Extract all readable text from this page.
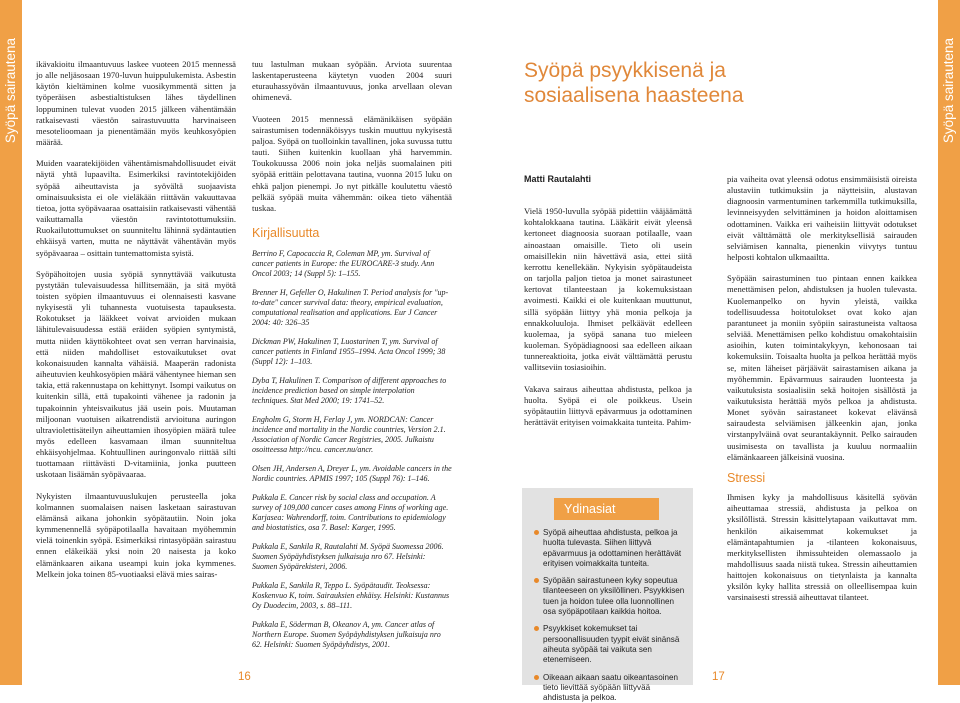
Syöpä sairautena	Syöpä sairautena

ikävakioitu ilmaantuvuus laskee vuoteen 2015 mennessä jo alle neljäsosaan 1970-luvun huippulukemista. Asbestin käytön kieltäminen kolme vuosikymmentä sitten ja työperäisen asbestialtistuksen lähes täydellinen loppuminen tulevat vuoden 2015 jälkeen vähentämään ratkaisevasti väestön sairastuvuutta harvinaiseen mesotelioomaan ja pienentämään myös keuhkosyöpien määrää.

Muiden vaaratekijöiden vähentämismahdollisuudet eivät näytä yhtä lupaavilta. Esimerkiksi ravintotekijöiden syöpää aiheuttavista ja syövältä suojaavista ominaisuuksista ei ole vieläkään riittävän vakuuttavaa tietoa, jotta syöpävaaraa osattaisiin ratkaisevasti vähentää vaikuttamalla väestön ravintotottumuksiin. Ruokailutottumukset on suunniteltu lähinnä sydäntautien ehkäisyä varten, mutta ne näyttävät vähentävän myös syöpävaaraa – osittain tuntemattomista syistä.

Syöpähoitojen uusia syöpiä synnyttävää vaikutusta pystytään tulevaisuudessa hillitsemään, ja sitä myötä toisten syöpien ilmaantuvuus ei olennaisesti kasvane nykyisestä yli tuhannesta vuotuisesta tapauksesta. Rokotukset ja lääkkeet voivat arvioiden mukaan lähitulevaisuudessa estää eräiden syöpien syntymistä, mutta niiden käyttökohteet ovat sen verran harvinaisia, että niiden mahdolliset estovaikutukset ovat kokonaisuuden kannalta vähäisiä. Maaperän radonista aiheutuvien keuhkosyöpien määrä vähentynee hieman sen takia, että rakennustapa on kehittynyt. Isompi vaikutus on kuitenkin sillä, että tupakointi vähenee ja radonin ja tupakoinnin yhteisvaikutus jää usein pois. Muutaman miljoonan vuotuisen aikatrendistä arvioituna auringon ultraviolettisäteilyn aiheuttamien ihosyöpien määrä tulee myös edelleen kasvamaan ilman suunniteltua ehkäisyohjelmaa. Kohtuullinen auringonvalo riittää silti tuottamaan riittävästi D-vitamiinia, jonka puutteen uskotaan lisäämän syöpävaaraa.

Nykyisten ilmaantuvuuslukujen perusteella joka kolmannen suomalaisen naisen lasketaan sairastuvan elämänsä aikana johonkin syöpätautiin. Noin joka kymmenennellä syöpäpotilaalla havaitaan myöhemmin vielä toinenkin syöpä. Esimerkiksi rintasyöpään sairastuu ennen eläkeikää yksi noin 20 naisesta ja koko elämänkaaren aikana useampi kuin joka kymmenes. Melkein joka toinen 85-vuotiaaksi elävä mies sairas-

tuu lastulman mukaan syöpään. Arviota suurentaa laskentaperusteena käytetyn vuoden 2004 suuri eturauhassyövän ilmaantuvuus, jonka arvellaan olevan ohimenevä.

Vuoteen 2015 mennessä elämänikäisen syöpään sairastumisen todennäköisyys tuskin muuttuu nykyisestä paljoa. Syöpä on tuolloinkin tavallinen, joka suvussa tuttu tauti. Siihen kuitenkin kuollaan yhä harvemmin. Toukokuussa 2006 noin joka neljäs suomalainen piti syöpää erittäin pelottavana tautina, vuonna 2015 luku on ehkä paljon pienempi. Jo nyt pitkälle koulutettu väestö pelkää syöpää muita vähemmän: oikea tieto vähentää tuskaa.

Kirjallisuutta

Berrino F, Capocaccia R, Coleman MP, ym. Survival of cancer patients in Europe: the EUROCARE-3 study. Ann Oncol 2003; 14 (Suppl 5): 1–155.

Brenner H, Gefeller O, Hakulinen T. Period analysis for "up-to-date" cancer survival data: theory, empirical evaluation, computational realisation and applications. Eur J Cancer 2004: 40: 326–35

Dickman PW, Hakulinen T, Luostarinen T, ym. Survival of cancer patients in Finland 1955–1994. Acta Oncol 1999; 38 (Suppl 12): 1–103.

Dyba T, Hakulinen T. Comparison of different approaches to incidence prediction based on simple interpolation techniques. Stat Med 2000; 19: 1741–52.

Engholm G, Storm H, Ferlay J, ym. NORDCAN: Cancer incidence and mortality in the Nordic countries, Version 2.1. Association of Nordic Cancer Registries, 2005. Julkaistu osoitteessa http://ncu. cancer.nu/ancr.

Olsen JH, Andersen A, Dreyer L, ym. Avoidable cancers in the Nordic countries. APMIS 1997; 105 (Suppl 76): 1–146.

Pukkala E. Cancer risk by social class and occupation. A survey of 109,000 cancer cases among Finns of working age. Karjasea: Wahrendorff, toim. Contributions to epidemiology and biostatistics, osa 7. Basel: Karger, 1995.

Pukkala E, Sankila R, Rautalahti M. Syöpä Suomessa 2006. Suomen Syöpäyhdistyksen julkaisuja nro 67. Helsinki: Suomen Syöpärekisteri, 2006.

Pukkala E, Sankila R, Teppo L. Syöpätaudit. Teoksessa: Koskenvuo K, toim. Sairauksien ehkäisy. Helsinki: Kustannus Oy Duodecim, 2003, s. 88–111.

Pukkala E, Söderman B, Okeanov A, ym. Cancer atlas of Northern Europe. Suomen Syöpäyhdistyksen julkaisuja nro 62. Helsinki: Suomen Syöpäyhdistys, 2001.

Syöpä psyykkisenä ja sosiaalisena haasteena
Matti Rautalahti

Vielä 1950-luvulla syöpää pidettiin vääjäämättä kohtalokkaana tautina. Lääkärit eivät yleensä kertoneet diagnoosia suoraan potilaalle, vaan ainoastaan omaisille. Tieto oli usein omaisillekin niin hävettävä asia, ettei siitä kerrottu kenellekään. Nykyisin syöpätaudeista on tarjolla paljon tietoa ja monet sairastuneet kertovat tilanteestaan ja kokemuksistaan avoimesti. Kaikki ei ole kuitenkaan muuttunut, sillä syöpään liittyy yhä monia pelkoja ja ennakkoluuloja. Ihmiset pelkäävät edelleen kuolemaa, ja syöpä sanana tuo mieleen kuoleman. Syöpädiagnoosi saa edelleen aikaan tunnereaktioita, jotka eivät välttämättä perustu vallitseviin tosiasioihin.

Vakava sairaus aiheuttaa ahdistusta, pelkoa ja huolta. Syöpä ei ole poikkeus. Usein syöpätautiin liittyvä epävarmuus ja odottaminen herättävät erityisen voimakkaita tunteita. Pahim-

Ydinasiat
Syöpä aiheuttaa ahdistusta, pelkoa ja huolta tulevasta. Siihen liittyvä epävarmuus ja odottaminen herättävät erityisen voimakkaita tunteita.
Syöpään sairastuneen kyky sopeutua tilanteeseen on yksilöllinen. Psyykkisen tuen ja hoidon tulee olla luonnollinen osa syöpäpotilaan kaikkia hoitoa.
Psyykkiset kokemukset tai persoonallisuuden tyypit eivät sinänsä aiheuta syöpää tai vaikuta sen etenemiseen.
Oikeaan aikaan saatu oikeantasoinen tieto lievittää syöpään liittyvää ahdistusta ja pelkoa.

pia vaiheita ovat yleensä odotus ensimmäisistä oireista alustaviin tutkimuksiin ja näytteisiin, alustavan diagnoosin varmentuminen tarkemmilla tutkimuksilla, levinneisyyden selvittäminen ja hoidon aloittamisen odottaminen. Vaikka eri vaiheisiin liittyvät odotukset eivät välttämättä ole merkityksellisiä sairauden selviämisen kannalta, pienenkin viivytys tuntuu helposti kohtalon ulkmaailtta.

Syöpään sairastuminen tuo pintaan ennen kaikkea menettämisen pelon, ahdistuksen ja huolen tulevasta. Kuolemanpelko on hyvin yleistä, vaikka todellisuudessa hoitotulokset ovat koko ajan parantuneet ja moniin syöpiin sairastuneista valtaosa selviää. Menettämisen pelko kohdistuu omakohtaisiin asioihin, kuten toimintakykyyn, kehonosaan tai kokemuksiin. Toisaalta huolta ja pelkoa herättää myös se, miten läheiset pärjäävät sairastamisen aikana ja myöhemmin. Epävarmuus sairauden luonteesta ja vaikutuksista sosiaalisiin sekä hoitojen sisällöstä ja vaikutuksista herättää myös pelkoa ja ahdistusta. Monet syövän sairastaneet kokevat elävänsä sairaudesta selviämisen jälkeenkin ajan, jonka virstanpylväinä ovat seurantakäynnit. Pelko sairauden uusimisesta on tavallista ja kuuluu normaaliin elämänkaareen jälkeisinä vuosina.

Stressi

Ihmisen kyky ja mahdollisuus käsitellä syövän aiheuttamaa stressiä, ahdistusta ja pelkoa on yksilöllistä. Stressin käsittelytapaan vaikuttavat mm. henkilön aikaisemmat kokemukset ja elämäntapahtumien ja -tilanteen kokonaisuus, merkityksellisten ihmissuhteiden olemassaolo ja mahdollisuus saada niistä tukea. Stressin aiheuttamien haittojen kokonaisuus on tietynlaista ja kannalta yksilön kyky hallita stressiä on olleellisempaa kuin varsinaisesti stressiä aiheuttavat tilanteet.

16	17
